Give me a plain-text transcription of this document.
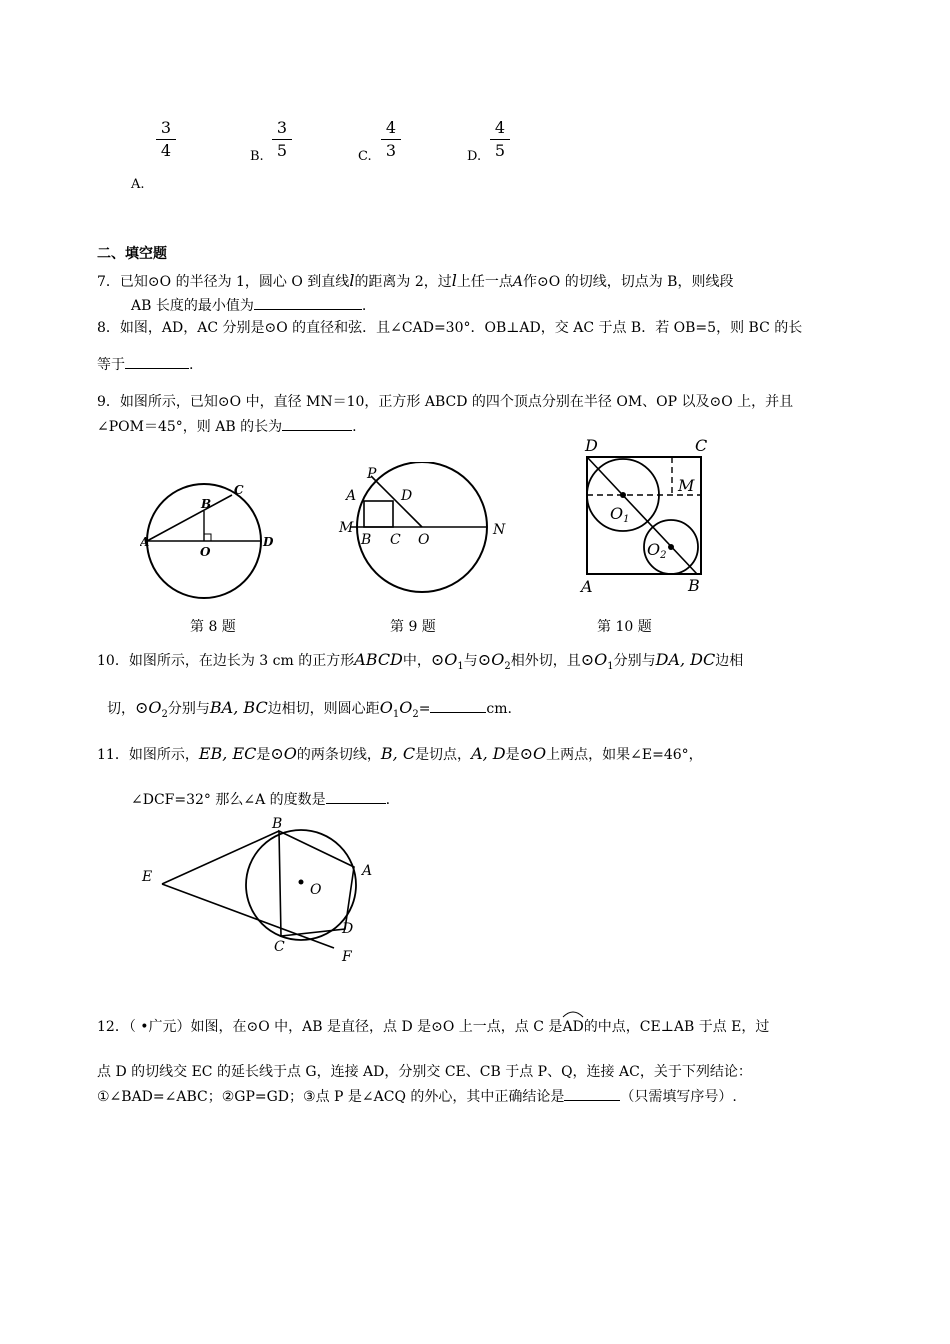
$\frac{3}{4}$
A.
B. $\frac{3}{5}$	C. $\frac{4}{3}$	D. $\frac{4}{5}$
二、填空题
7．已知⊙O 的半径为 1，圆心 O 到直线l的距离为 2，过l上任一点A作⊙O 的切线，切点为 B，则线段
AB 长度的最小值为	.
8．如图，AD，AC 分别是⊙O 的直径和弦．且∠CAD=30°．OB⊥AD，交 AC 于点 B．若 OB=5，则 BC 的长
等于	.
9．如图所示，已知⊙O 中，直径 MN＝10，正方形 ABCD 的四个顶点分别在半径 OM、OP 以及⊙O 上，并且
∠POM＝45°，则 AB 的长为	.
A
B
C
O
D
第 8 题
P
A	D
M
B C O
N
第 9 题
D	C
M
O1
O2
A	B
第 10 题
10．如图所示，在边长为 3 cm 的正方形ABCD中，$⊙O_1$与$⊙O_2$相外切，且$⊙O_1$分别与DA, DC边相
切，$⊙O_2$分别与BA, BC边相切，则圆心距$O_1O_2=$	cm.
11．如图所示，EB, EC是⊙O的两条切线，B, C是切点，A, D是⊙O上两点，如果∠E=46°，
∠DCF=32° 那么∠A 的度数是	.
E
B
A
O
D
C
F
12．（ •广元）如图，在⊙O 中，AB 是直径，点 D 是⊙O 上一点，点 C 是
AD的中点，CE⊥AB 于点 E，过
点 D 的切线交 EC 的延长线于点 G，连接 AD，分别交 CE、CB 于点 P、Q，连接 AC，关于下列结论：
①∠BAD=∠ABC；②GP=GD；③点 P 是∠ACQ 的外心，其中正确结论是	（只需填写序号）.
